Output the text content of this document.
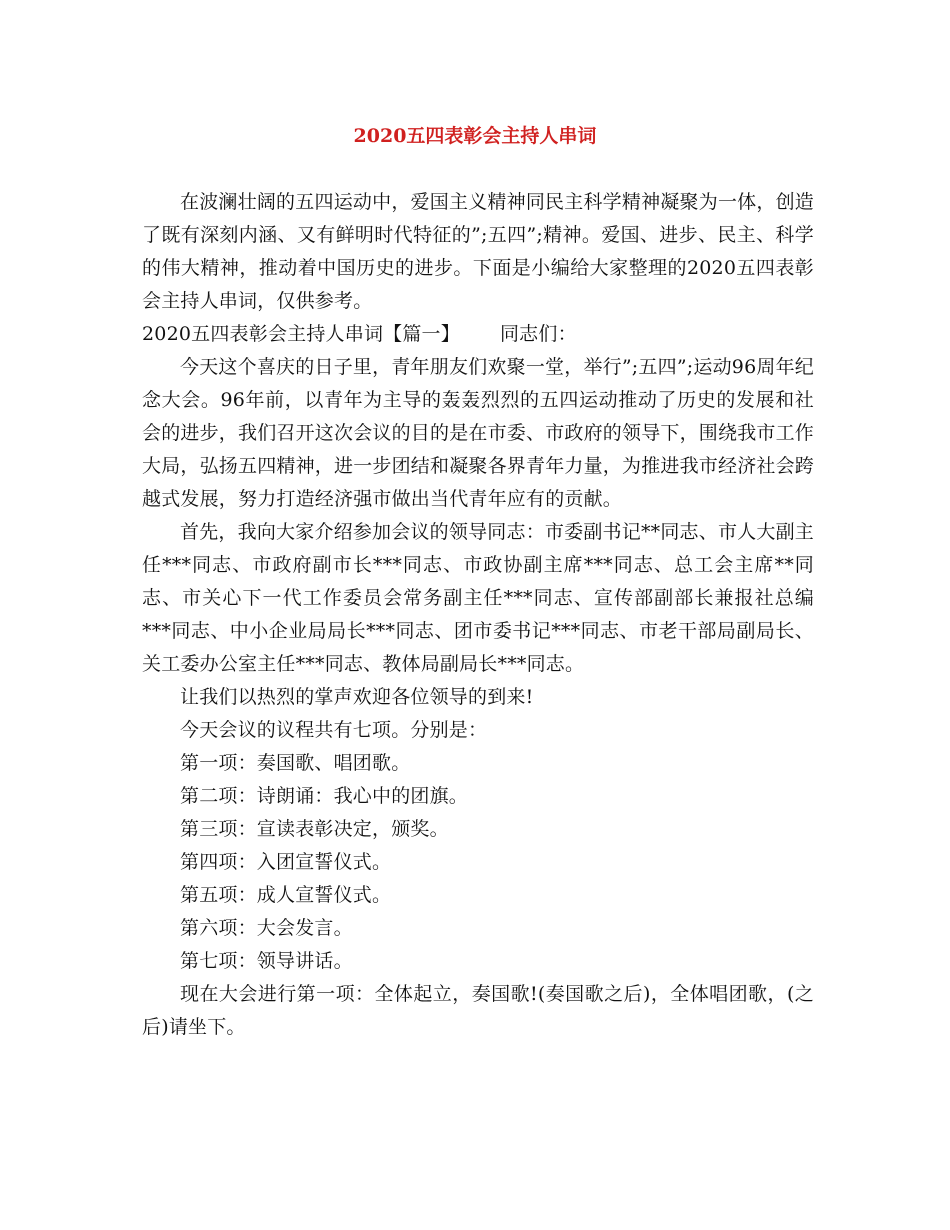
2020五四表彰会主持人串词

在波澜壮阔的五四运动中，爱国主义精神同民主科学精神凝聚为一体，创造了既有深刻内涵、又有鲜明时代特征的”;五四”;精神。爱国、进步、民主、科学的伟大精神，推动着中国历史的进步。下面是小编给大家整理的2020五四表彰会主持人串词，仅供参考。

2020五四表彰会主持人串词【篇一】 同志们：

今天这个喜庆的日子里，青年朋友们欢聚一堂，举行”;五四”;运动96周年纪念大会。96年前，以青年为主导的轰轰烈烈的五四运动推动了历史的发展和社会的进步，我们召开这次会议的目的是在市委、市政府的领导下，围绕我市工作大局，弘扬五四精神，进一步团结和凝聚各界青年力量，为推进我市经济社会跨越式发展，努力打造经济强市做出当代青年应有的贡献。

首先，我向大家介绍参加会议的领导同志：市委副书记**同志、市人大副主任***同志、市政府副市长***同志、市政协副主席***同志、总工会主席**同志、市关心下一代工作委员会常务副主任***同志、宣传部副部长兼报社总编***同志、中小企业局局长***同志、团市委书记***同志、市老干部局副局长、关工委办公室主任***同志、教体局副局长***同志。

让我们以热烈的掌声欢迎各位领导的到来!

今天会议的议程共有七项。分别是：

第一项：奏国歌、唱团歌。

第二项：诗朗诵：我心中的团旗。

第三项：宣读表彰决定，颁奖。

第四项：入团宣誓仪式。

第五项：成人宣誓仪式。

第六项：大会发言。

第七项：领导讲话。

现在大会进行第一项：全体起立，奏国歌!(奏国歌之后)，全体唱团歌，(之后)请坐下。
